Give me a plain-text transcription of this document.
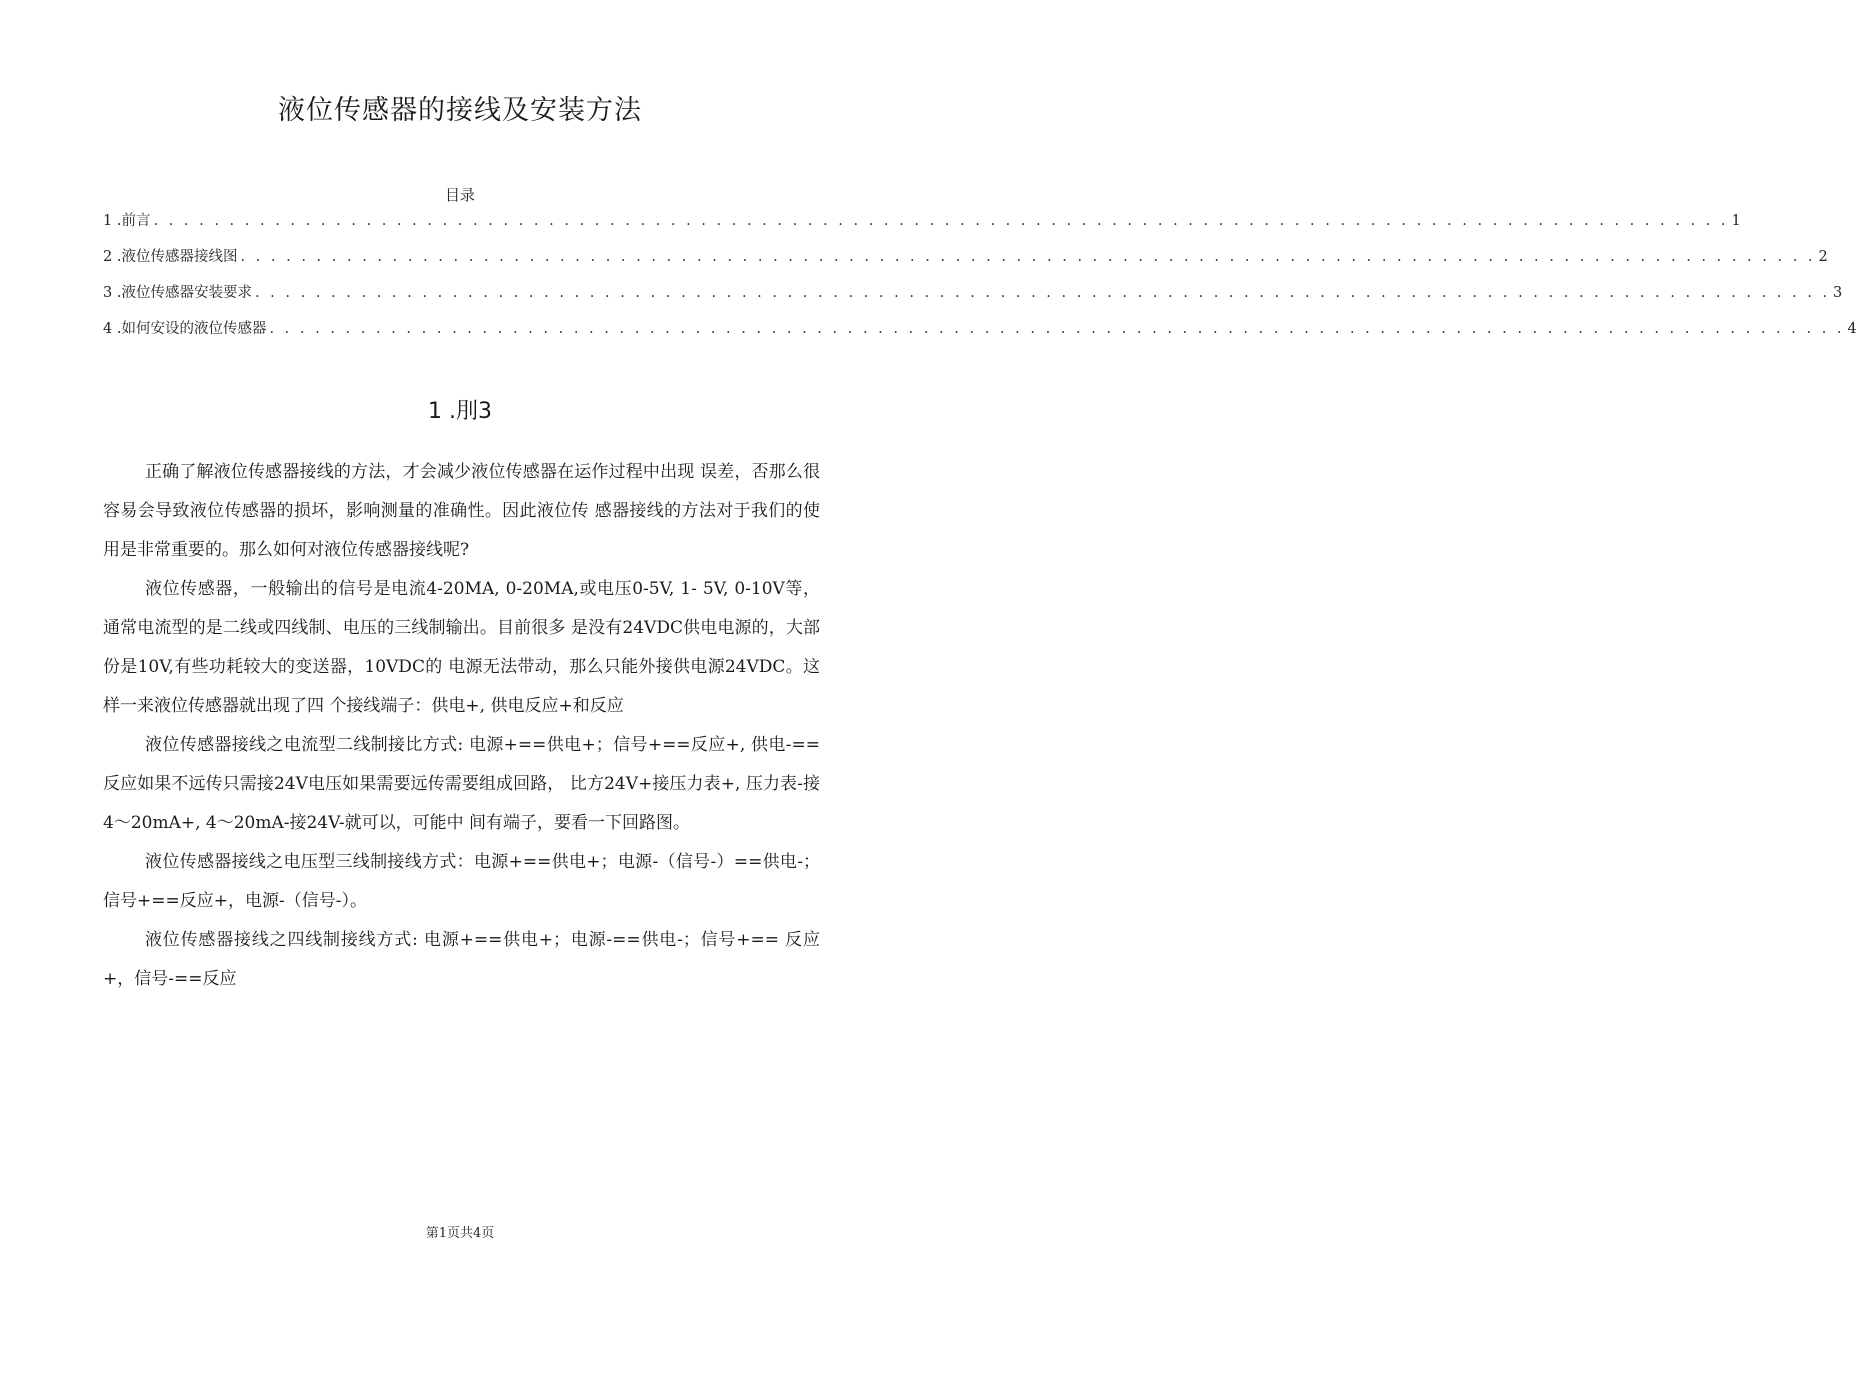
液位传感器的接线及安装方法
目录
1 .前言 . . . . . . . . . . . . . . . . . . . . . . . . . . . . . . . . . . . . . . . . . . . . . . . . . . . . . . . . . . . . . . . . . . . . . . . . . . . . . . . . . . . . . . . . . . . . . . . . . . . . . . . . 1
2 .液位传感器接线图 . . . . . . . . . . . . . . . . . . . . . . . . . . . . . . . . . . . . . . . . . . . . . . . . . . . . . . . . . . . . . . . . . . . . . . . . . . . . . . . . . . . . . . . . . . . . . . . . . . . . . . . . 2
3 .液位传感器安装要求 . . . . . . . . . . . . . . . . . . . . . . . . . . . . . . . . . . . . . . . . . . . . . . . . . . . . . . . . . . . . . . . . . . . . . . . . . . . . . . . . . . . . . . . . . . . . . . . . . . . . . . . . 3
4 .如何安设的液位传感器 . . . . . . . . . . . . . . . . . . . . . . . . . . . . . . . . . . . . . . . . . . . . . . . . . . . . . . . . . . . . . . . . . . . . . . . . . . . . . . . . . . . . . . . . . . . . . . . . . . . . . . . . 4
1 .刖3

正确了解液位传感器接线的方法，才会减少液位传感器在运作过程中出现 误差，否那么很容易会导致液位传感器的损坏，影响测量的准确性。因此液位传 感器接线的方法对于我们的使用是非常重要的。那么如何对液位传感器接线呢?

液位传感器，一般输出的信号是电流4-20MA, 0-20MA,或电压0-5V, 1- 5V, 0-10V等，通常电流型的是二线或四线制、电压的三线制输出。目前很多 是没有24VDC供电电源的，大部份是10V,有些功耗较大的变送器，10VDC的 电源无法带动，那么只能外接供电源24VDC。这样一来液位传感器就出现了四 个接线端子：供电+, 供电反应+和反应

液位传感器接线之电流型二线制接比方式: 电源+==供电+；信号+==反应+, 供电-==反应如果不远传只需接24V电压如果需要远传需要组成回路， 比方24V+接压力表+, 压力表-接4〜20mA+, 4〜20mA-接24V-就可以，可能中 间有端子，要看一下回路图。

液位传感器接线之电压型三线制接线方式：电源+==供电+；电源-（信号-）==供电-；信号+==反应+，电源-（信号-）。

液位传感器接线之四线制接线方式: 电源+==供电+；电源-==供电-；信号+== 反应+，信号-==反应

第1页共4页
